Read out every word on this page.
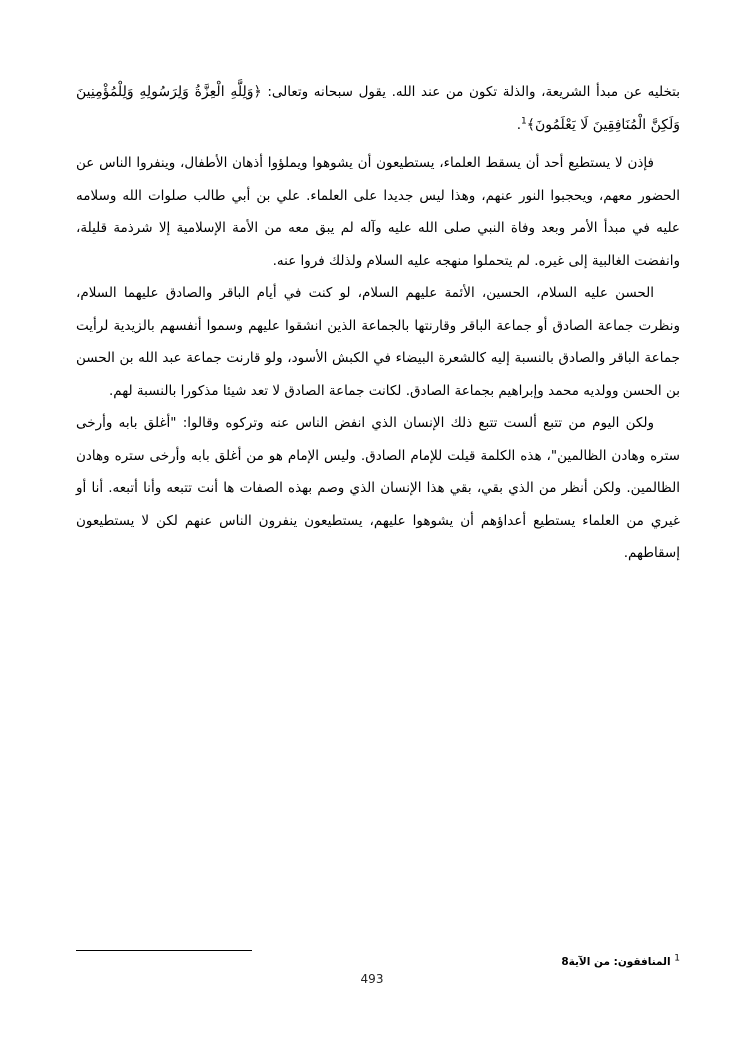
بتخليه عن مبدأ الشريعة، والذلة تكون من عند الله. يقول سبحانه وتعالى: ﴿وَلِلَّهِ الْعِزَّةُ وَلِرَسُولِهِ وَلِلْمُؤْمِنِينَ وَلَكِنَّ الْمُنَافِقِينَ لَا يَعْلَمُونَ﴾$^1$.

فإذن لا يستطيع أحد أن يسقط العلماء، يستطيعون أن يشوهوا ويملؤوا أذهان الأطفال، وينفروا الناس عن الحضور معهم، ويحجبوا النور عنهم، وهذا ليس جديدا على العلماء. علي بن أبي طالب صلوات الله وسلامه عليه في مبدأ الأمر وبعد وفاة النبي صلى الله عليه وآله لم يبق معه من الأمة الإسلامية إلا شرذمة قليلة، وانفضت الغالبية إلى غيره. لم يتحملوا منهجه عليه السلام ولذلك فروا عنه.

الحسن عليه السلام، الحسين، الأئمة عليهم السلام، لو كنت في أيام الباقر والصادق عليهما السلام، ونظرت جماعة الصادق أو جماعة الباقر وقارنتها بالجماعة الذين انشقوا عليهم وسموا أنفسهم بالزيدية لرأيت جماعة الباقر والصادق بالنسبة إليه كالشعرة البيضاء في الكبش الأسود، ولو قارنت جماعة عبد الله بن الحسن بن الحسن وولديه محمد وإبراهيم بجماعة الصادق. لكانت جماعة الصادق لا تعد شيئا مذكورا بالنسبة لهم.

ولكن اليوم من تتبع ألست تتبع ذلك الإنسان الذي انفض الناس عنه وتركوه وقالوا: "أغلق بابه وأرخى ستره وهادن الظالمين"، هذه الكلمة قيلت للإمام الصادق. وليس الإمام هو من أغلق بابه وأرخى ستره وهادن الظالمين. ولكن أنظر من الذي بقي، بقي هذا الإنسان الذي وصم بهذه الصفات ها أنت تتبعه وأنا أتبعه. أنا أو غيري من العلماء يستطيع أعداؤهم أن يشوهوا عليهم، يستطيعون ينفرون الناس عنهم لكن لا يستطيعون إسقاطهم.

$^1$ المنافقون: من الآية8
493
